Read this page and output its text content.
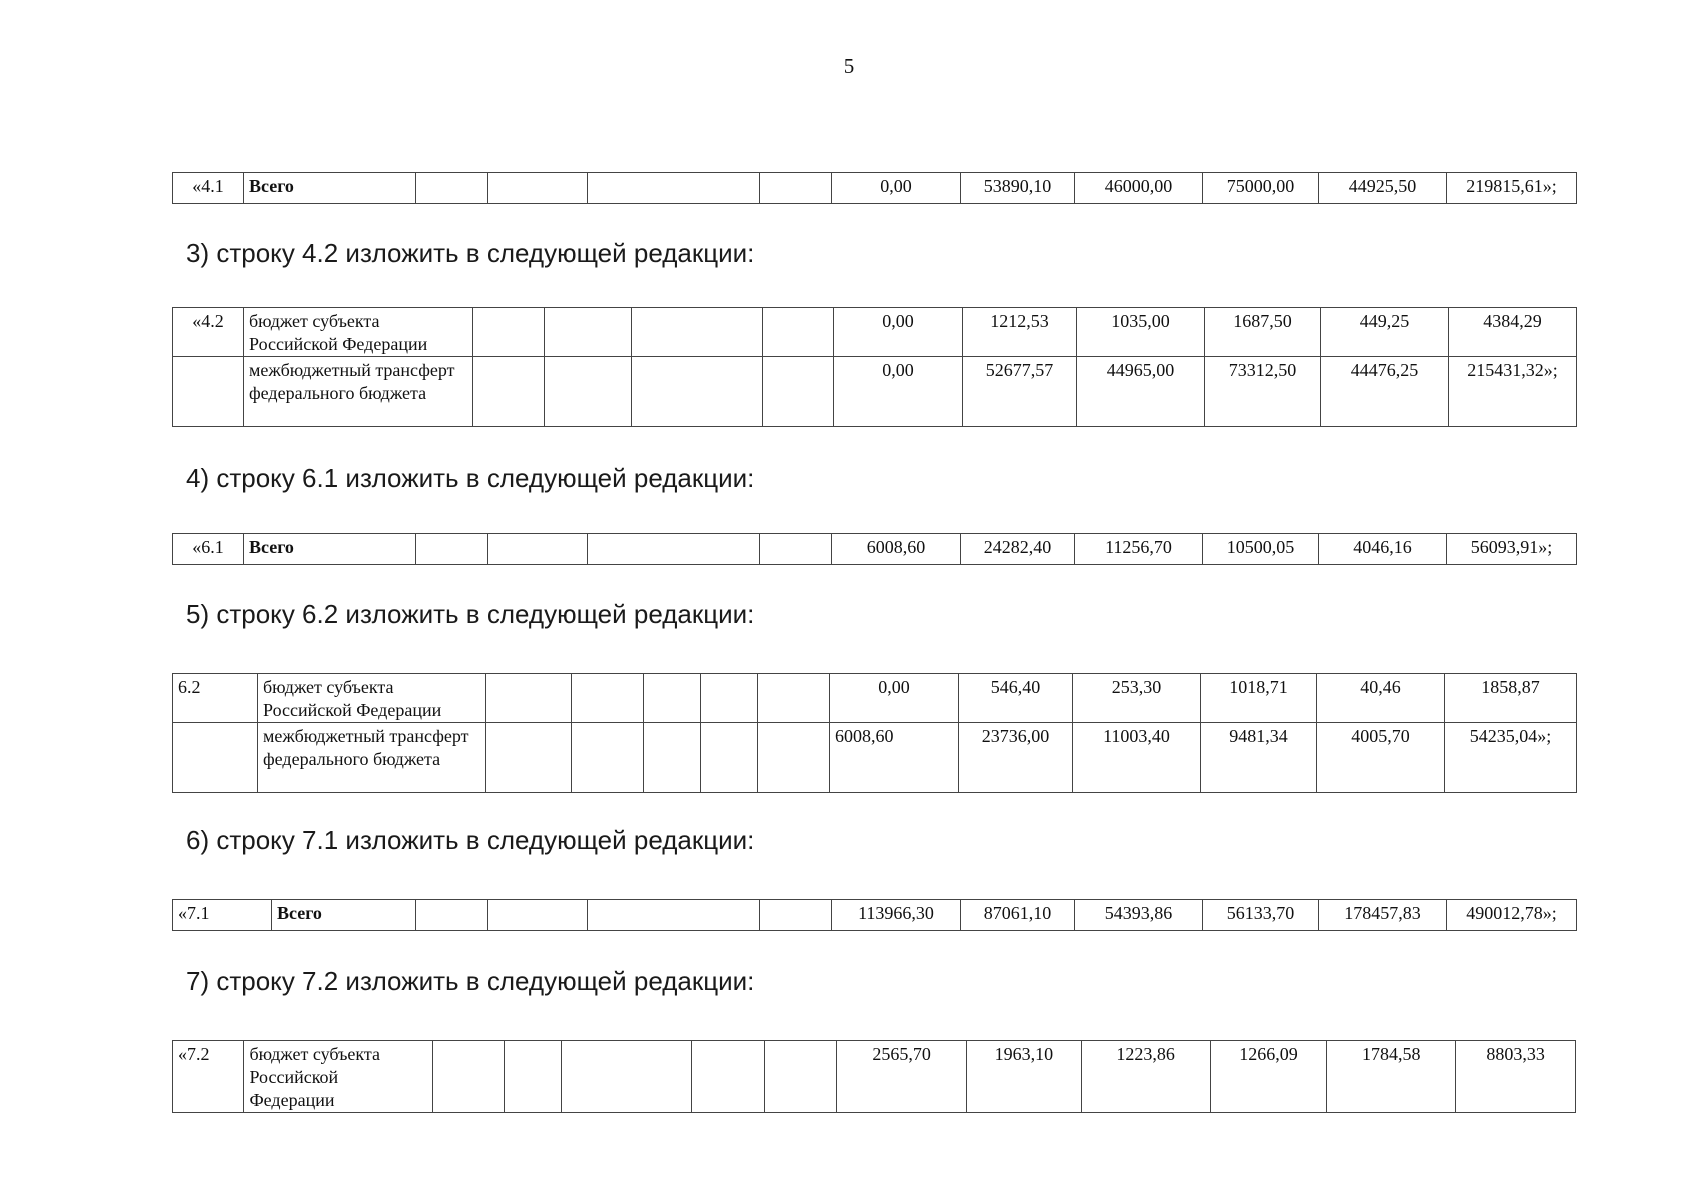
5
«4.1	Всего					0,00	53890,10	46000,00	75000,00	44925,50	219815,61»;
3) строку 4.2 изложить в следующей редакции:
«4.2	бюджет субъекта Российской Федерации					0,00	1212,53	1035,00	1687,50	449,25	4384,29
	межбюджетный трансферт федерального бюджета					0,00	52677,57	44965,00	73312,50	44476,25	215431,32»;
4) строку 6.1 изложить в следующей редакции:
«6.1	Всего					6008,60	24282,40	11256,70	10500,05	4046,16	56093,91»;
5) строку 6.2 изложить в следующей редакции:
6.2	бюджет субъекта Российской Федерации						0,00	546,40	253,30	1018,71	40,46	1858,87
	межбюджетный трансферт федерального бюджета						6008,60	23736,00	11003,40	9481,34	4005,70	54235,04»;
6) строку 7.1 изложить в следующей редакции:
«7.1	Всего					113966,30	87061,10	54393,86	56133,70	178457,83	490012,78»;
7) строку 7.2 изложить в следующей редакции:
«7.2	бюджет субъекта Российской Федерации						2565,70	1963,10	1223,86	1266,09	1784,58	8803,33
